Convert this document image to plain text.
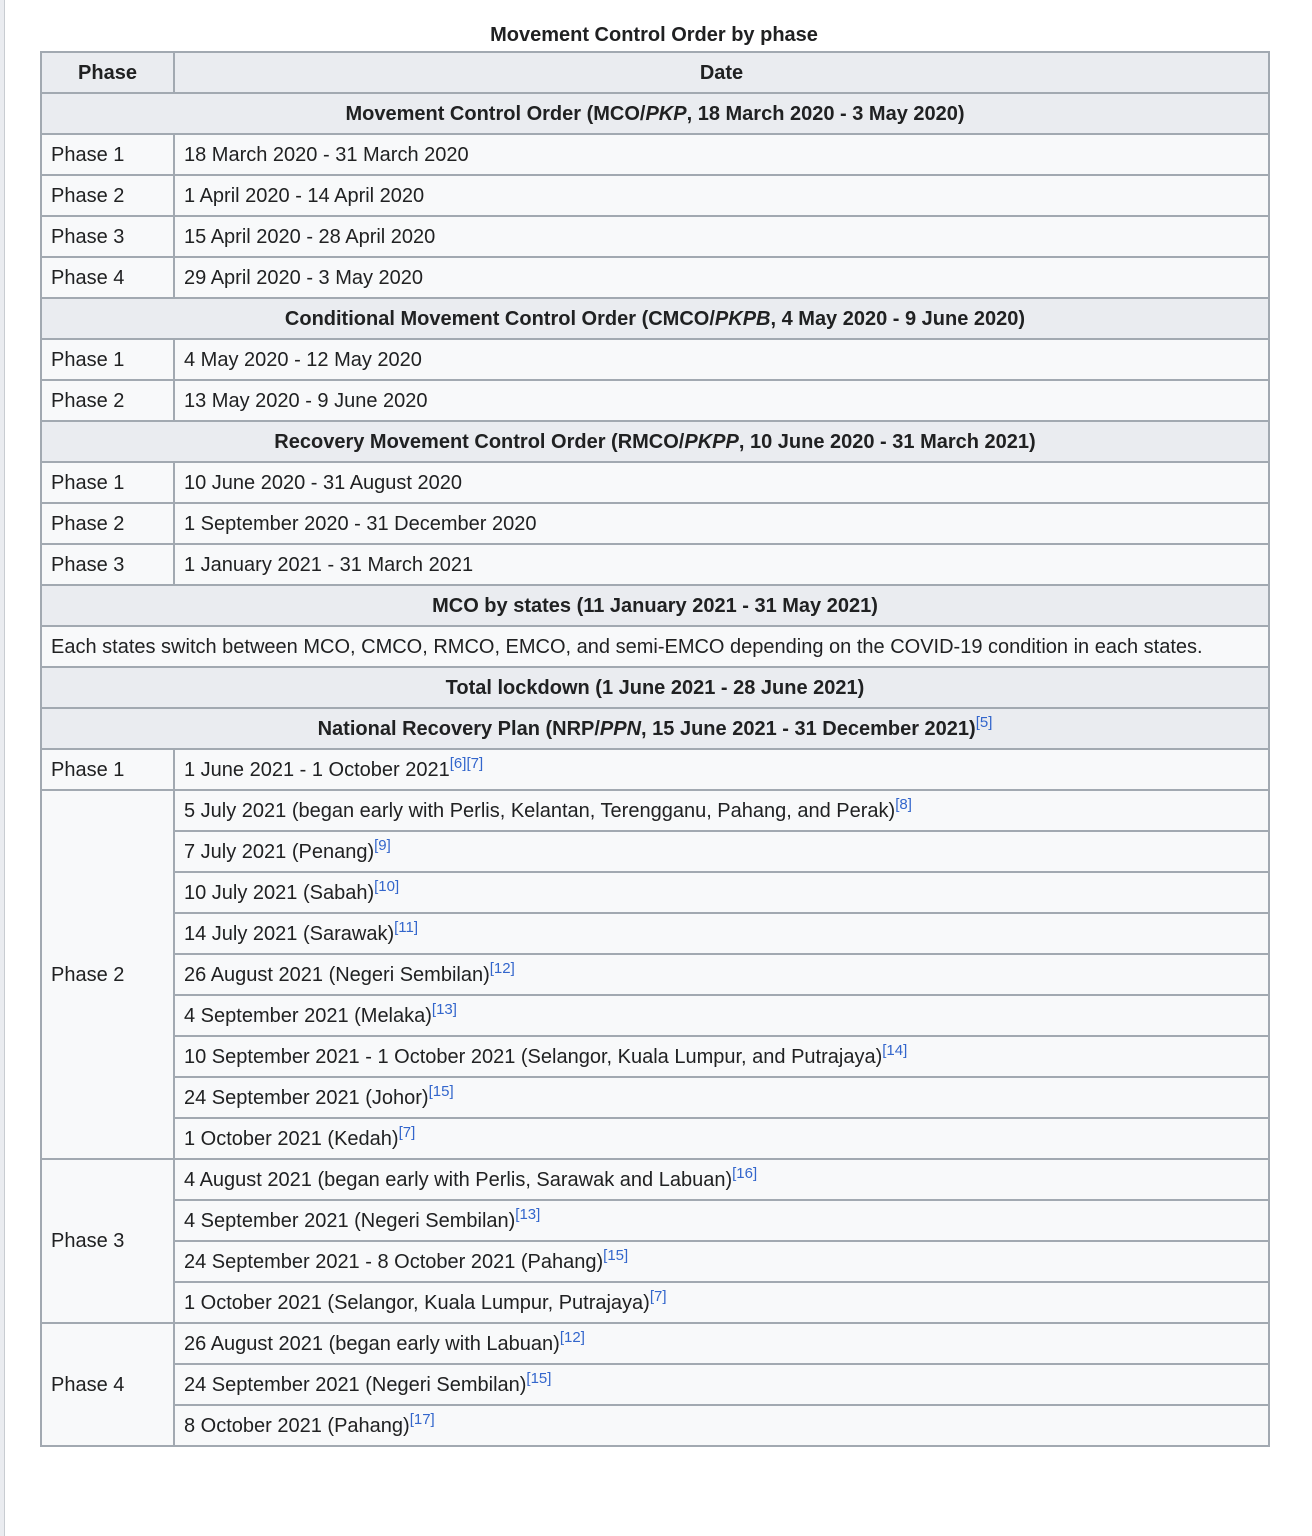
Movement Control Order by phase
Phase	Date
Movement Control Order (MCO/PKP, 18 March 2020 - 3 May 2020)	
Phase 1	18 March 2020 - 31 March 2020
Phase 2	1 April 2020 - 14 April 2020
Phase 3	15 April 2020 - 28 April 2020
Phase 4	29 April 2020 - 3 May 2020
Conditional Movement Control Order (CMCO/PKPB, 4 May 2020 - 9 June 2020)	
Phase 1	4 May 2020 - 12 May 2020
Phase 2	13 May 2020 - 9 June 2020
Recovery Movement Control Order (RMCO/PKPP, 10 June 2020 - 31 March 2021)	
Phase 1	10 June 2020 - 31 August 2020
Phase 2	1 September 2020 - 31 December 2020
Phase 3	1 January 2021 - 31 March 2021
MCO by states (11 January 2021 - 31 May 2021)	
Each states switch between MCO, CMCO, RMCO, EMCO, and semi-EMCO depending on the COVID-19 condition in each states.	
Total lockdown (1 June 2021 - 28 June 2021)	
National Recovery Plan (NRP/PPN, 15 June 2021 - 31 December 2021)[5]
Phase 1	1 June 2021 - 1 October 2021[6][7]
Phase 2	5 July 2021 (began early with Perlis, Kelantan, Terengganu, Pahang, and Perak)[8]
	7 July 2021 (Penang)[9]
	10 July 2021 (Sabah)[10]
	14 July 2021 (Sarawak)[11]
	26 August 2021 (Negeri Sembilan)[12]
	4 September 2021 (Melaka)[13]
	10 September 2021 - 1 October 2021 (Selangor, Kuala Lumpur, and Putrajaya)[14]
	24 September 2021 (Johor)[15]
	1 October 2021 (Kedah)[7]
Phase 3	4 August 2021 (began early with Perlis, Sarawak and Labuan)[16]
	4 September 2021 (Negeri Sembilan)[13]
	24 September 2021 - 8 October 2021 (Pahang)[15]
	1 October 2021 (Selangor, Kuala Lumpur, Putrajaya)[7]
Phase 4	26 August 2021 (began early with Labuan)[12]
	24 September 2021 (Negeri Sembilan)[15]
	8 October 2021 (Pahang)[17]
